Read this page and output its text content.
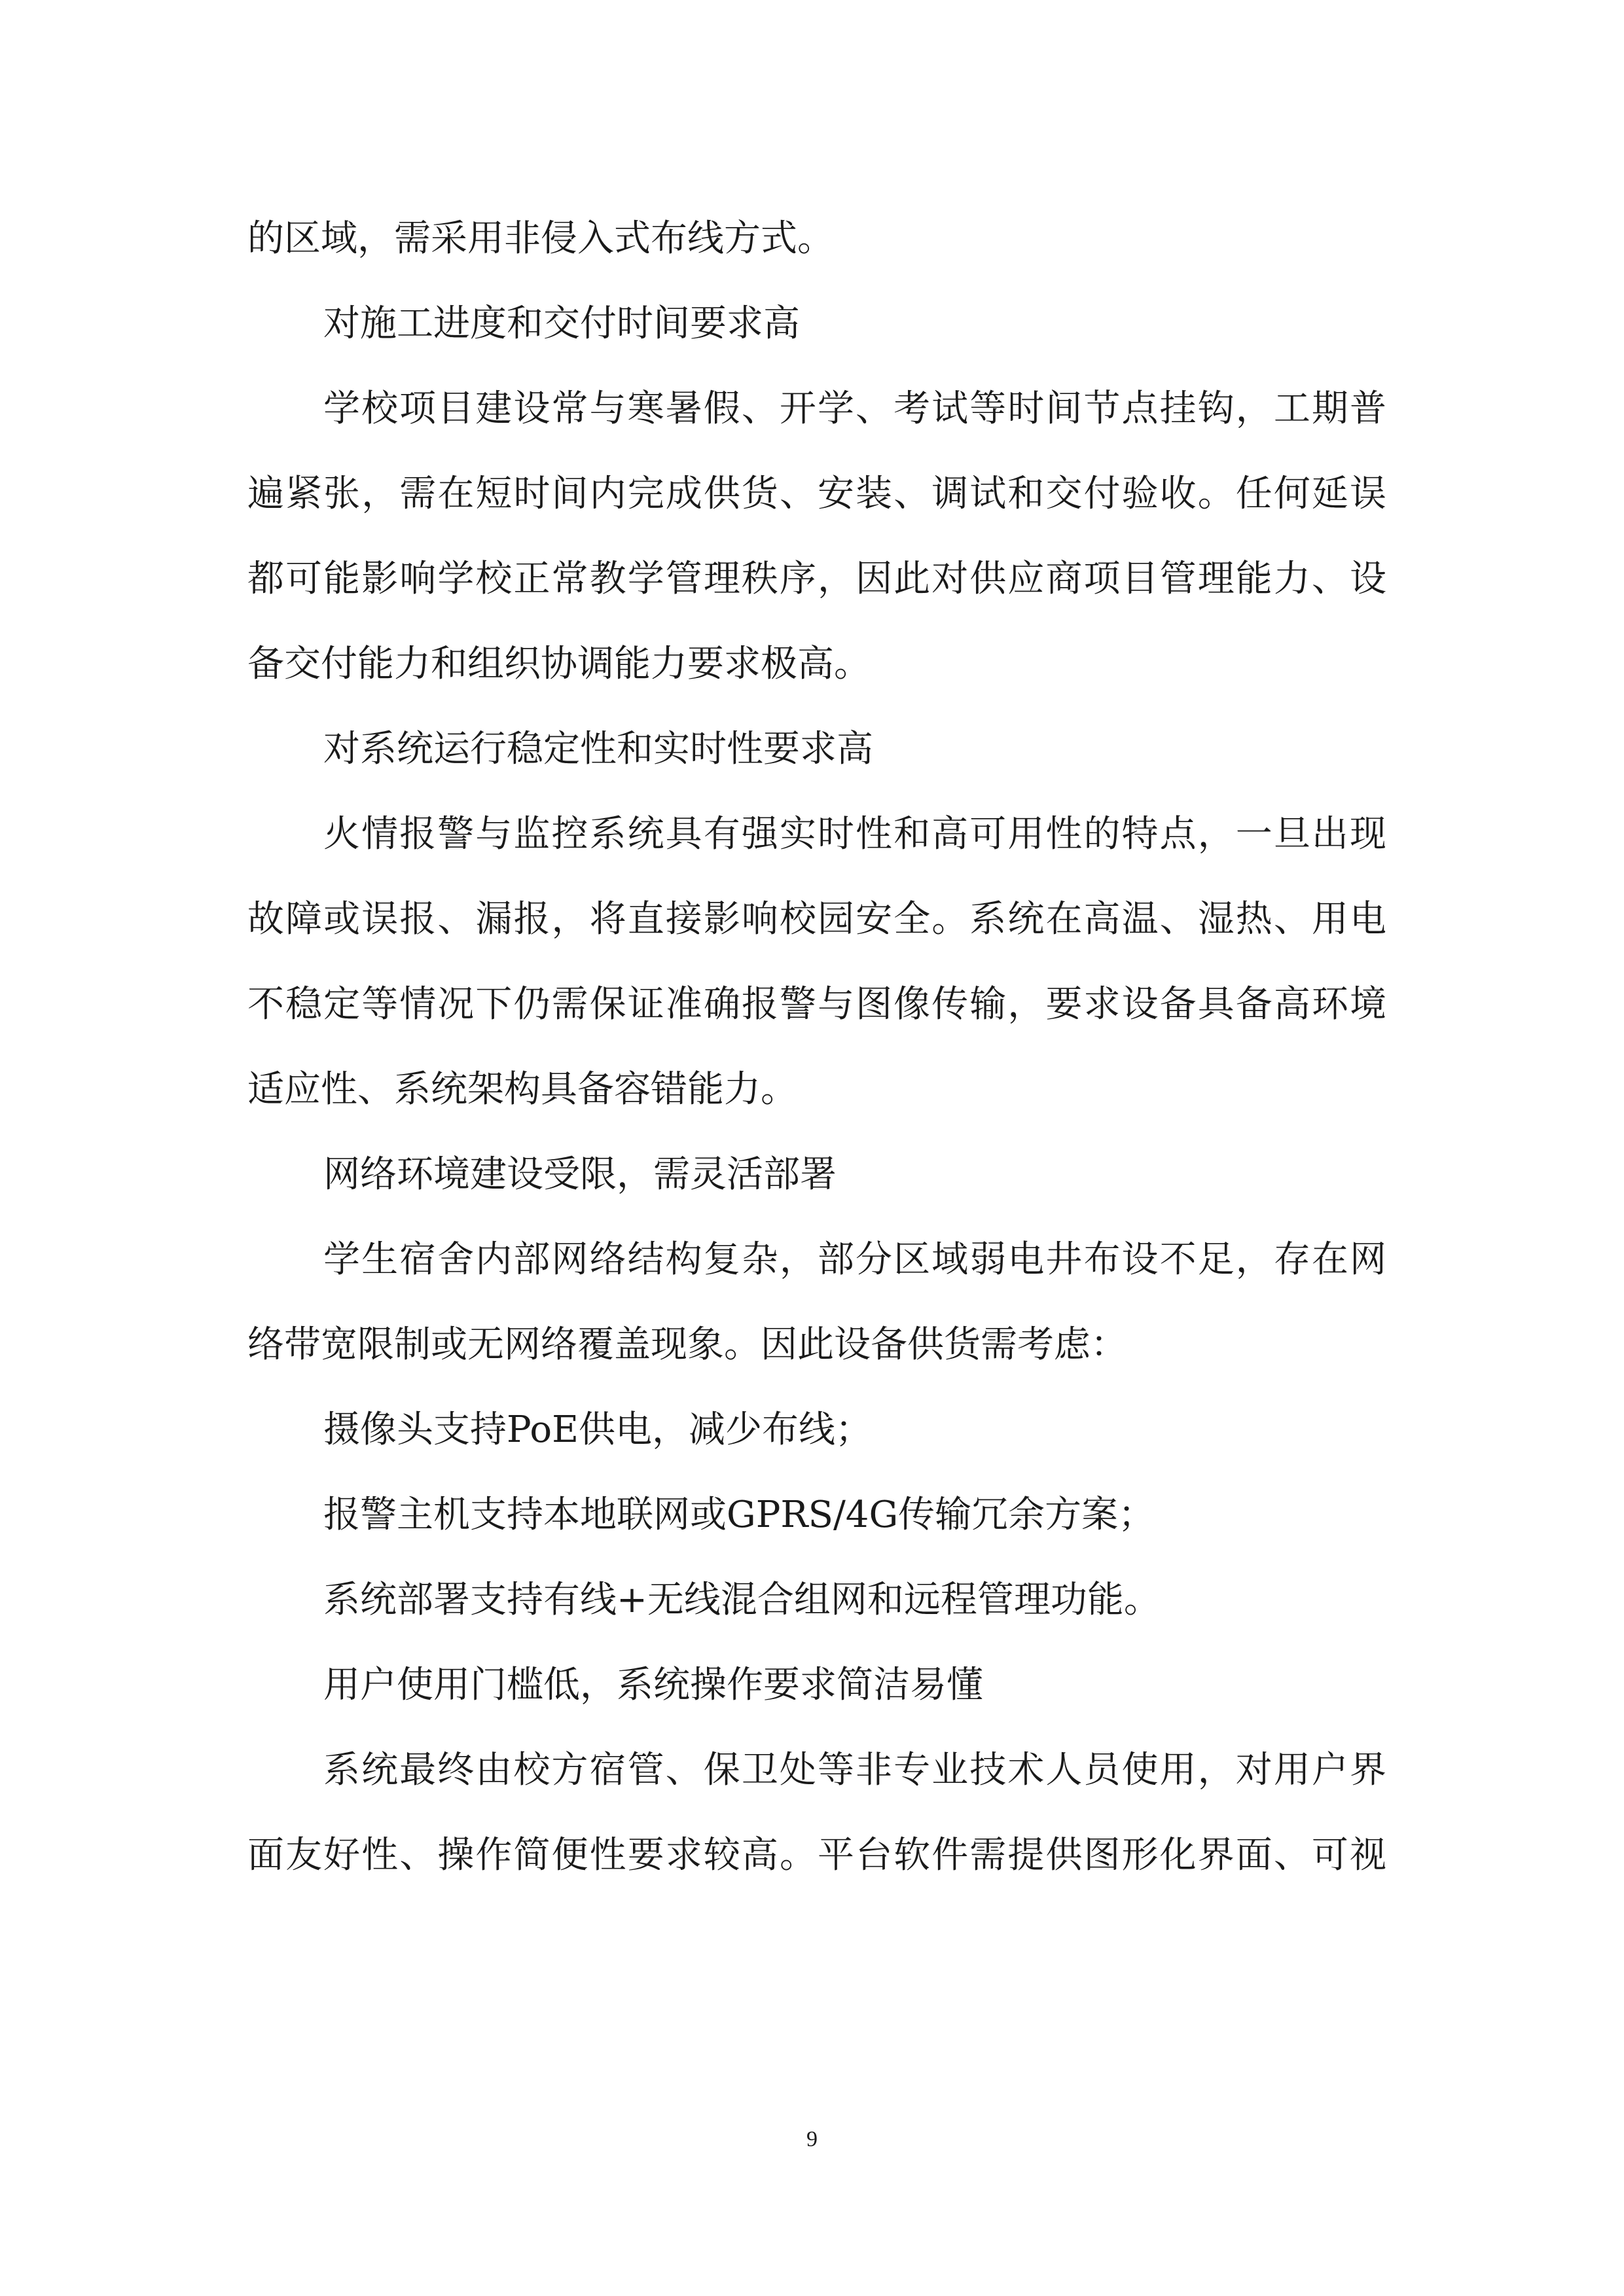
的区域，需采用非侵入式布线方式。
对施工进度和交付时间要求高
学校项目建设常与寒暑假、开学、考试等时间节点挂钩，工期普
遍紧张，需在短时间内完成供货、安装、调试和交付验收。任何延误
都可能影响学校正常教学管理秩序，因此对供应商项目管理能力、设
备交付能力和组织协调能力要求极高。
对系统运行稳定性和实时性要求高
火情报警与监控系统具有强实时性和高可用性的特点，一旦出现
故障或误报、漏报，将直接影响校园安全。系统在高温、湿热、用电
不稳定等情况下仍需保证准确报警与图像传输，要求设备具备高环境
适应性、系统架构具备容错能力。
网络环境建设受限，需灵活部署
学生宿舍内部网络结构复杂，部分区域弱电井布设不足，存在网
络带宽限制或无网络覆盖现象。因此设备供货需考虑：
摄像头支持PoE供电，减少布线；
报警主机支持本地联网或GPRS/4G传输冗余方案；
系统部署支持有线+无线混合组网和远程管理功能。
用户使用门槛低，系统操作要求简洁易懂
系统最终由校方宿管、保卫处等非专业技术人员使用，对用户界
面友好性、操作简便性要求较高。平台软件需提供图形化界面、可视
9
